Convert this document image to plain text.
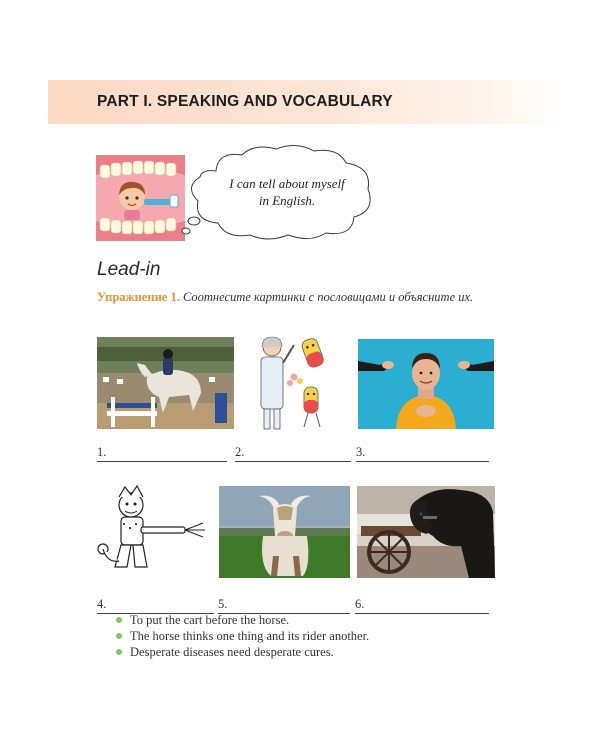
PART I. SPEAKING AND VOCABULARY
I can tell about myself
in English.
Lead-in
Упражнение 1. Соотнесите картинки с пословицами и объясните их.
1.	2.	3.
4.	5.	6.
To put the cart before the horse.
The horse thinks one thing and its rider another.
Desperate diseases need desperate cures.
